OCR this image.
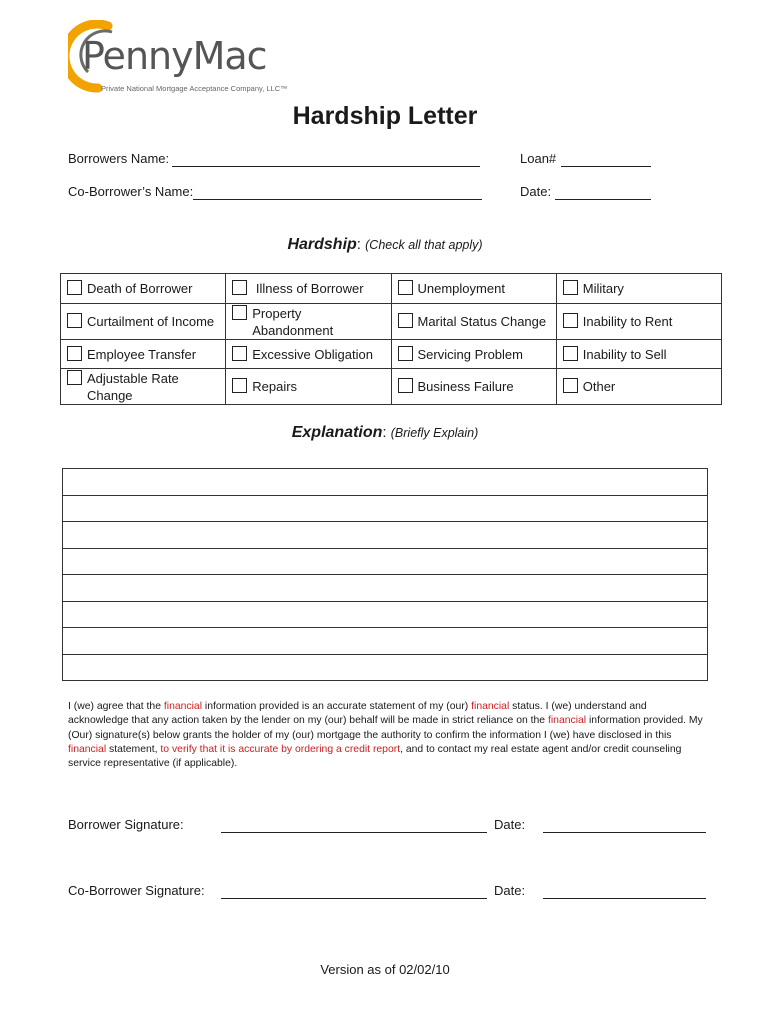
PennyMac
Private National Mortgage Acceptance Company, LLC™
Hardship Letter
Borrowers Name:	Loan#
Co-Borrower’s Name:	Date:
Hardship: (Check all that apply)
Death of Borrower	Illness of Borrower	Unemployment	Military

Curtailment of Income	Property Abandonment	Marital Status Change	Inability to Rent

Employee Transfer	Excessive Obligation	Servicing Problem	Inability to Sell

Adjustable Rate Change	Repairs	Business Failure	Other
Explanation: (Briefly Explain)

I (we) agree that the financial information provided is an accurate statement of my (our) financial status. I (we) understand and acknowledge that any action taken by the lender on my (our) behalf will be made in strict reliance on the financial information provided. My (Our) signature(s) below grants the holder of my (our) mortgage the authority to confirm the information I (we) have disclosed in this financial statement, to verify that it is accurate by ordering a credit report, and to contact my real estate agent and/or credit counseling service representative (if applicable).
Borrower Signature:	Date:
Co-Borrower Signature:	Date:
Version as of 02/02/10
